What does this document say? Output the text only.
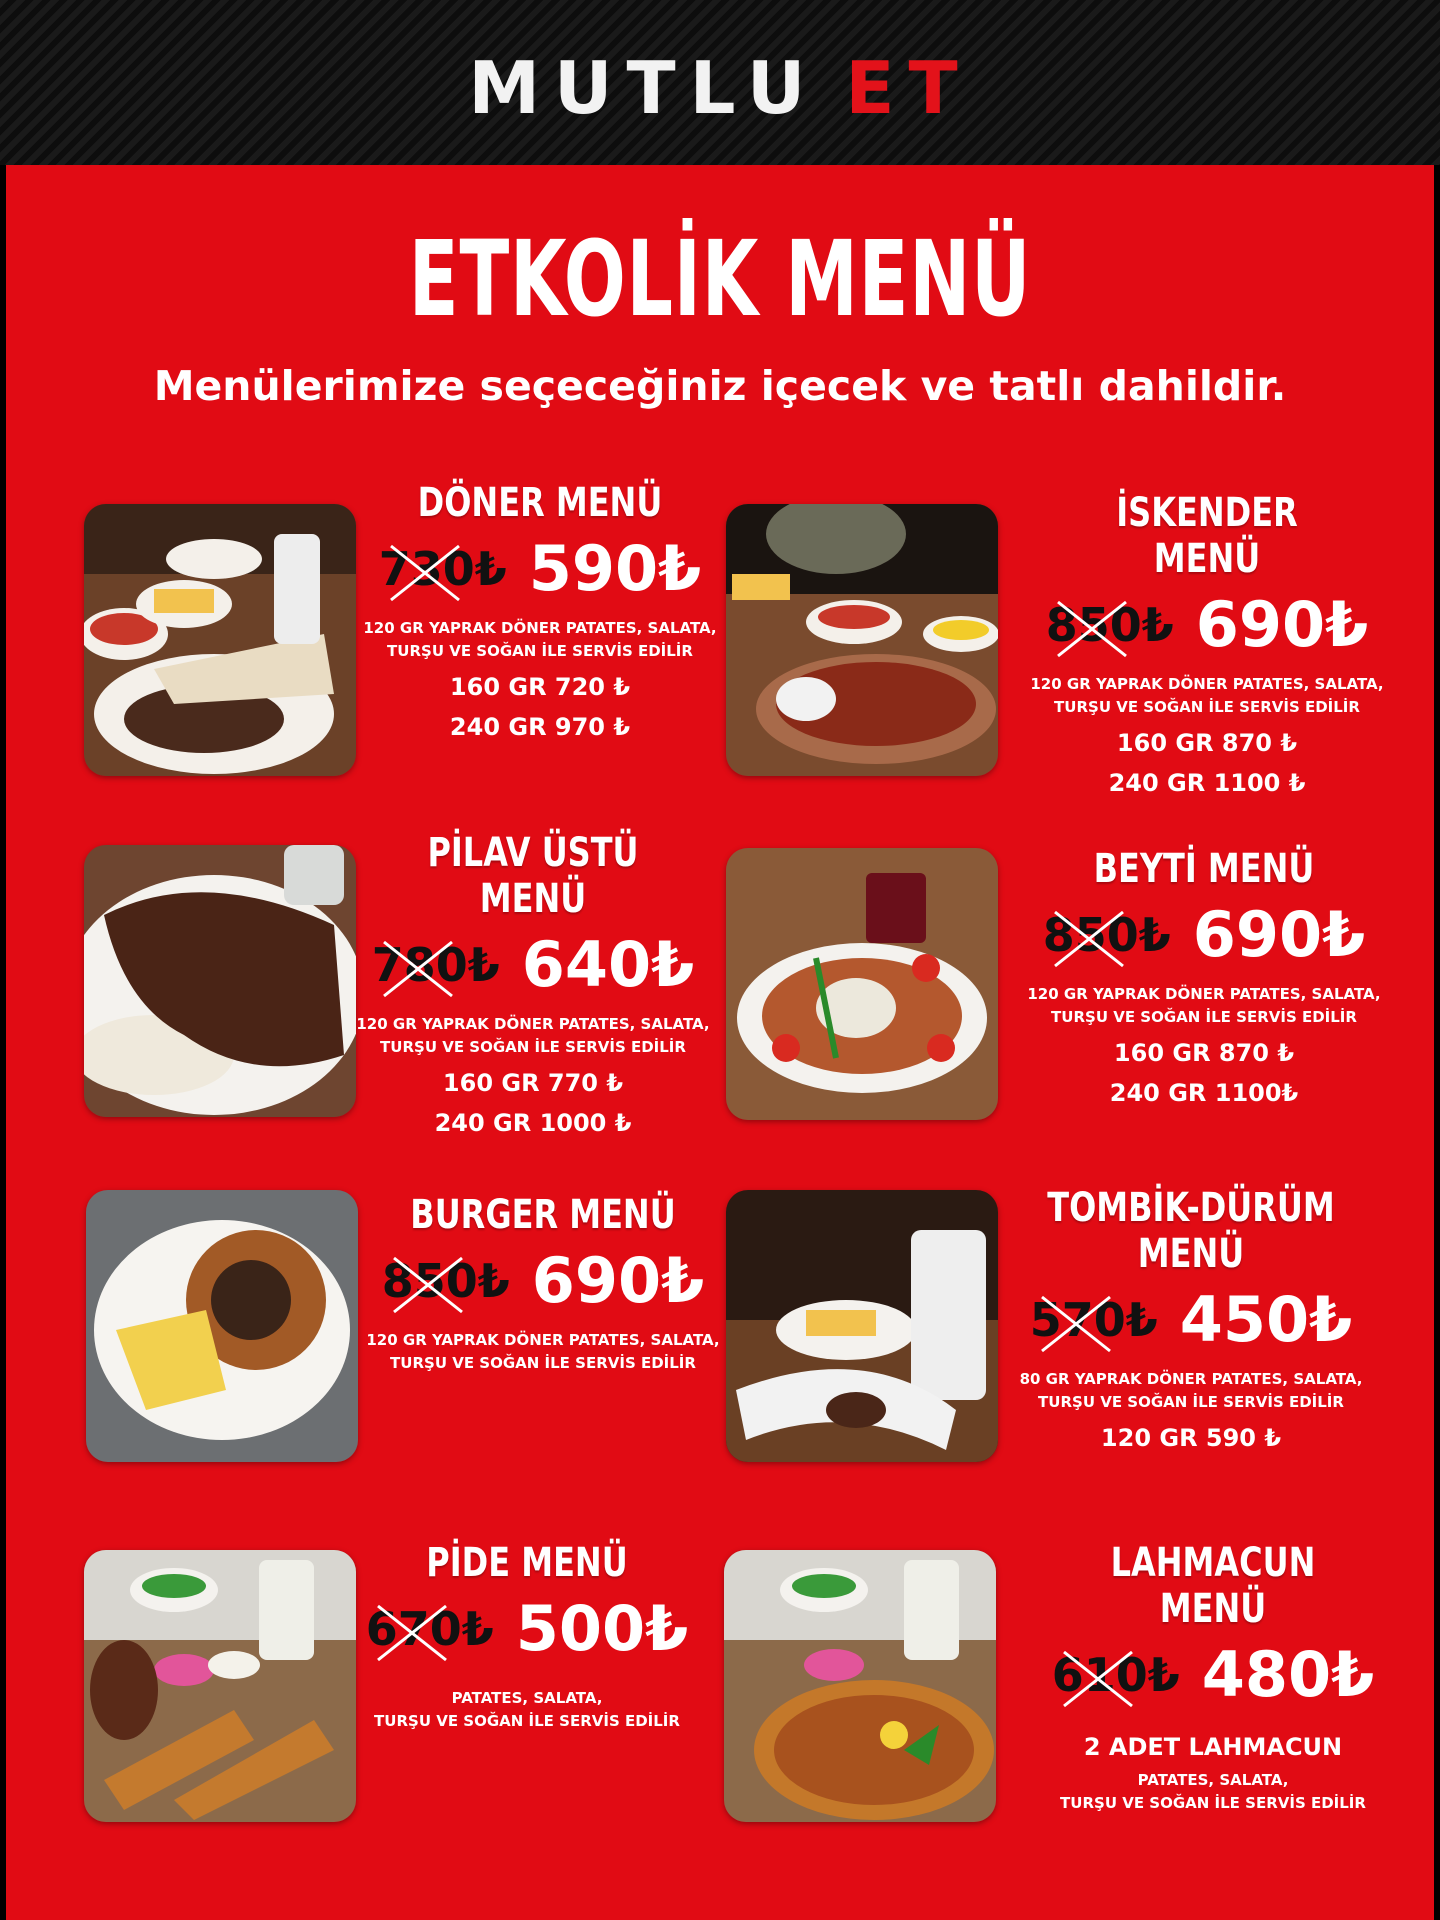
MUTLU ET
ETKOLİK MENÜ
Menülerimize seçeceğiniz içecek ve tatlı dahildir.
DÖNER MENÜ
730₺ 590₺
120 GR YAPRAK DÖNER PATATES, SALATA,
TURŞU VE SOĞAN İLE SERVİS EDİLİR
160 GR 720 ₺
240 GR 970 ₺
İSKENDER MENÜ
850₺ 690₺
120 GR YAPRAK DÖNER PATATES, SALATA,
TURŞU VE SOĞAN İLE SERVİS EDİLİR
160 GR 870 ₺
240 GR 1100 ₺
PİLAV ÜSTÜ MENÜ
780₺ 640₺
120 GR YAPRAK DÖNER PATATES, SALATA,
TURŞU VE SOĞAN İLE SERVİS EDİLİR
160 GR 770 ₺
240 GR 1000 ₺
BEYTİ MENÜ
850₺ 690₺
120 GR YAPRAK DÖNER PATATES, SALATA,
TURŞU VE SOĞAN İLE SERVİS EDİLİR
160 GR 870 ₺
240 GR 1100₺
BURGER MENÜ
850₺ 690₺
120 GR YAPRAK DÖNER PATATES, SALATA,
TURŞU VE SOĞAN İLE SERVİS EDİLİR
TOMBİK-DÜRÜM
MENÜ
570₺ 450₺
80 GR YAPRAK DÖNER PATATES, SALATA,
TURŞU VE SOĞAN İLE SERVİS EDİLİR
120 GR 590 ₺
PİDE MENÜ
670₺ 500₺
PATATES, SALATA,
TURŞU VE SOĞAN İLE SERVİS EDİLİR
LAHMACUN MENÜ
610₺ 480₺
2 ADET LAHMACUN
PATATES, SALATA,
TURŞU VE SOĞAN İLE SERVİS EDİLİR
